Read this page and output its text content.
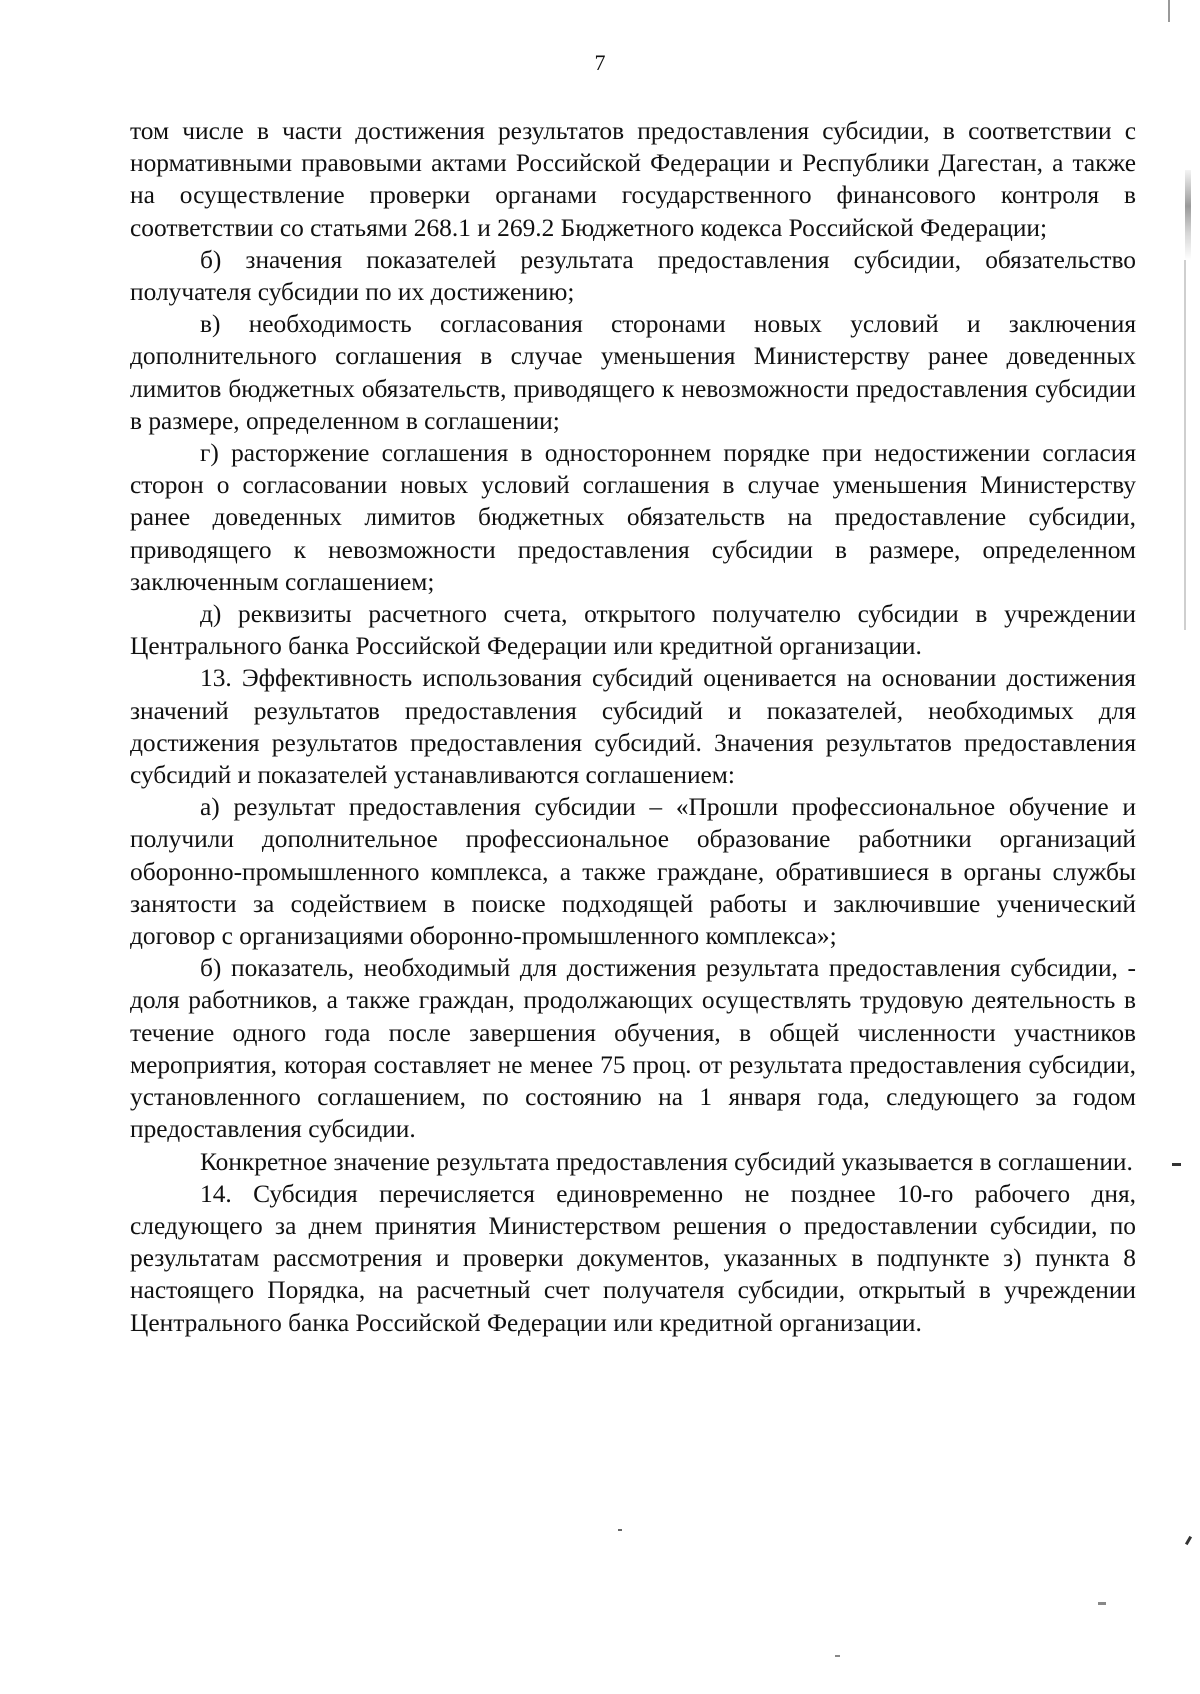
7

том числе в части достижения результатов предоставления субсидии, в соответствии с нормативными правовыми актами Российской Федерации и Республики Дагестан, а также на осуществление проверки органами государственного финансового контроля в соответствии со статьями 268.1 и 269.2 Бюджетного кодекса Российской Федерации;

б) значения показателей результата предоставления субсидии, обязательство получателя субсидии по их достижению;

в) необходимость согласования сторонами новых условий и заключения дополнительного соглашения в случае уменьшения Министерству ранее доведенных лимитов бюджетных обязательств, приводящего к невозможности предоставления субсидии в размере, определенном в соглашении;

г) расторжение соглашения в одностороннем порядке при недостижении согласия сторон о согласовании новых условий соглашения в случае уменьшения Министерству ранее доведенных лимитов бюджетных обязательств на предоставление субсидии, приводящего к невозможности предоставления субсидии в размере, определенном заключенным соглашением;

д) реквизиты расчетного счета, открытого получателю субсидии в учреждении Центрального банка Российской Федерации или кредитной организации.

13. Эффективность использования субсидий оценивается на основании достижения значений результатов предоставления субсидий и показателей, необходимых для достижения результатов предоставления субсидий. Значения результатов предоставления субсидий и показателей устанавливаются соглашением:

а) результат предоставления субсидии – «Прошли профессиональное обучение и получили дополнительное профессиональное образование работники организаций оборонно-промышленного комплекса, а также граждане, обратившиеся в органы службы занятости за содействием в поиске подходящей работы и заключившие ученический договор с организациями оборонно-промышленного комплекса»;

б) показатель, необходимый для достижения результата предоставления субсидии, - доля работников, а также граждан, продолжающих осуществлять трудовую деятельность в течение одного года после завершения обучения, в общей численности участников мероприятия, которая составляет не менее 75 проц. от результата предоставления субсидии, установленного соглашением, по состоянию на 1 января года, следующего за годом предоставления субсидии.

Конкретное значение результата предоставления субсидий указывается в соглашении.

14. Субсидия перечисляется единовременно не позднее 10-го рабочего дня, следующего за днем принятия Министерством решения о предоставлении субсидии, по результатам рассмотрения и проверки документов, указанных в подпункте з) пункта 8 настоящего Порядка, на расчетный счет получателя субсидии, открытый в учреждении Центрального банка Российской Федерации или кредитной организации.
